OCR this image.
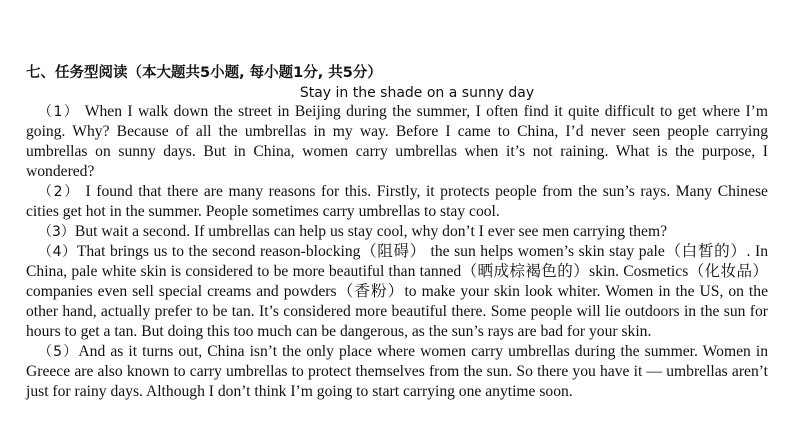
七、任务型阅读（本大题共5小题, 每小题1分, 共5分）
Stay in the shade on a sunny day

（1） When I walk down the street in Beijing during the summer, I often find it quite difficult to get where I’m going. Why? Because of all the umbrellas in my way. Before I came to China, I’d never seen people carrying umbrellas on sunny days. But in China, women carry umbrellas when it’s not raining. What is the purpose, I wondered?

（2） I found that there are many reasons for this. Firstly, it protects people from the sun’s rays. Many Chinese cities get hot in the summer. People sometimes carry umbrellas to stay cool.

（3）But wait a second. If umbrellas can help us stay cool, why don’t I ever see men carrying them?

（4）That brings us to the second reason-blocking（阻碍） the sun helps women’s skin stay pale（白皙的）. In China, pale white skin is considered to be more beautiful than tanned（晒成棕褐色的）skin. Cosmetics（化妆品）companies even sell special creams and powders（香粉）to make your skin look whiter. Women in the US, on the other hand, actually prefer to be tan. It’s considered more beautiful there. Some people will lie outdoors in the sun for hours to get a tan. But doing this too much can be dangerous, as the sun’s rays are bad for your skin.

（5）And as it turns out, China isn’t the only place where women carry umbrellas during the summer. Women in Greece are also known to carry umbrellas to protect themselves from the sun. So there you have it — umbrellas aren’t just for rainy days. Although I don’t think I’m going to start carrying one anytime soon.
